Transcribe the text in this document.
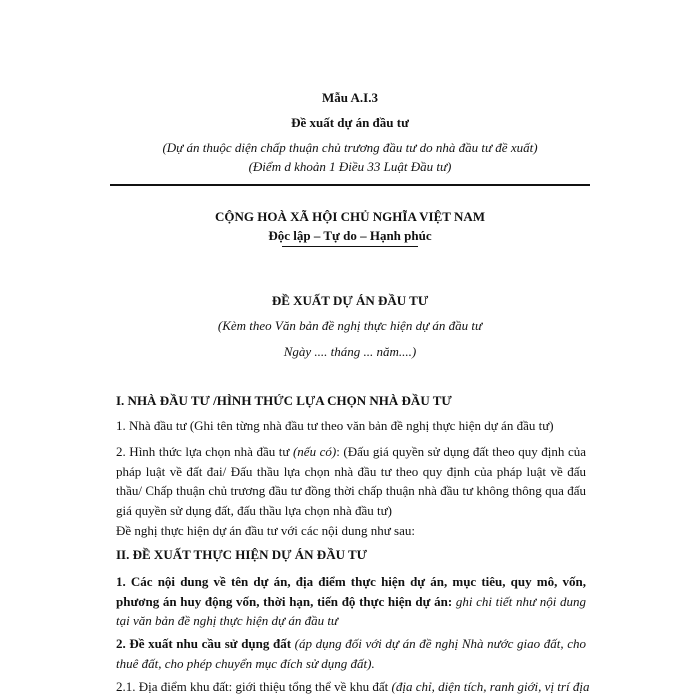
Mẫu A.I.3
Đề xuất dự án đầu tư
(Dự án thuộc diện chấp thuận chủ trương đầu tư do nhà đầu tư đề xuất)
(Điểm d khoản 1 Điều 33 Luật Đầu tư)
CỘNG HOÀ XÃ HỘI CHỦ NGHĨA VIỆT NAM
Độc lập – Tự do – Hạnh phúc
ĐỀ XUẤT DỰ ÁN ĐẦU TƯ
(Kèm theo Văn bản đề nghị thực hiện dự án đầu tư
Ngày .... tháng ... năm....)
I. NHÀ ĐẦU TƯ /HÌNH THỨC LỰA CHỌN NHÀ ĐẦU TƯ
1. Nhà đầu tư (Ghi tên từng nhà đầu tư theo văn bản đề nghị thực hiện dự án đầu tư)
2. Hình thức lựa chọn nhà đầu tư (nếu có): (Đấu giá quyền sử dụng đất theo quy định của pháp luật về đất đai/ Đấu thầu lựa chọn nhà đầu tư theo quy định của pháp luật về đấu thầu/ Chấp thuận chủ trương đầu tư đồng thời chấp thuận nhà đầu tư không thông qua đấu giá quyền sử dụng đất, đấu thầu lựa chọn nhà đầu tư)
Đề nghị thực hiện dự án đầu tư với các nội dung như sau:
II. ĐỀ XUẤT THỰC HIỆN DỰ ÁN ĐẦU TƯ
1. Các nội dung về tên dự án, địa điểm thực hiện dự án, mục tiêu, quy mô, vốn, phương án huy động vốn, thời hạn, tiến độ thực hiện dự án: ghi chi tiết như nội dung tại văn bản đề nghị thực hiện dự án đầu tư
2. Đề xuất nhu cầu sử dụng đất (áp dụng đối với dự án đề nghị Nhà nước giao đất, cho thuê đất, cho phép chuyển mục đích sử dụng đất).
2.1. Địa điểm khu đất: giới thiệu tổng thể về khu đất (địa chỉ, diện tích, ranh giới, vị trí địa
